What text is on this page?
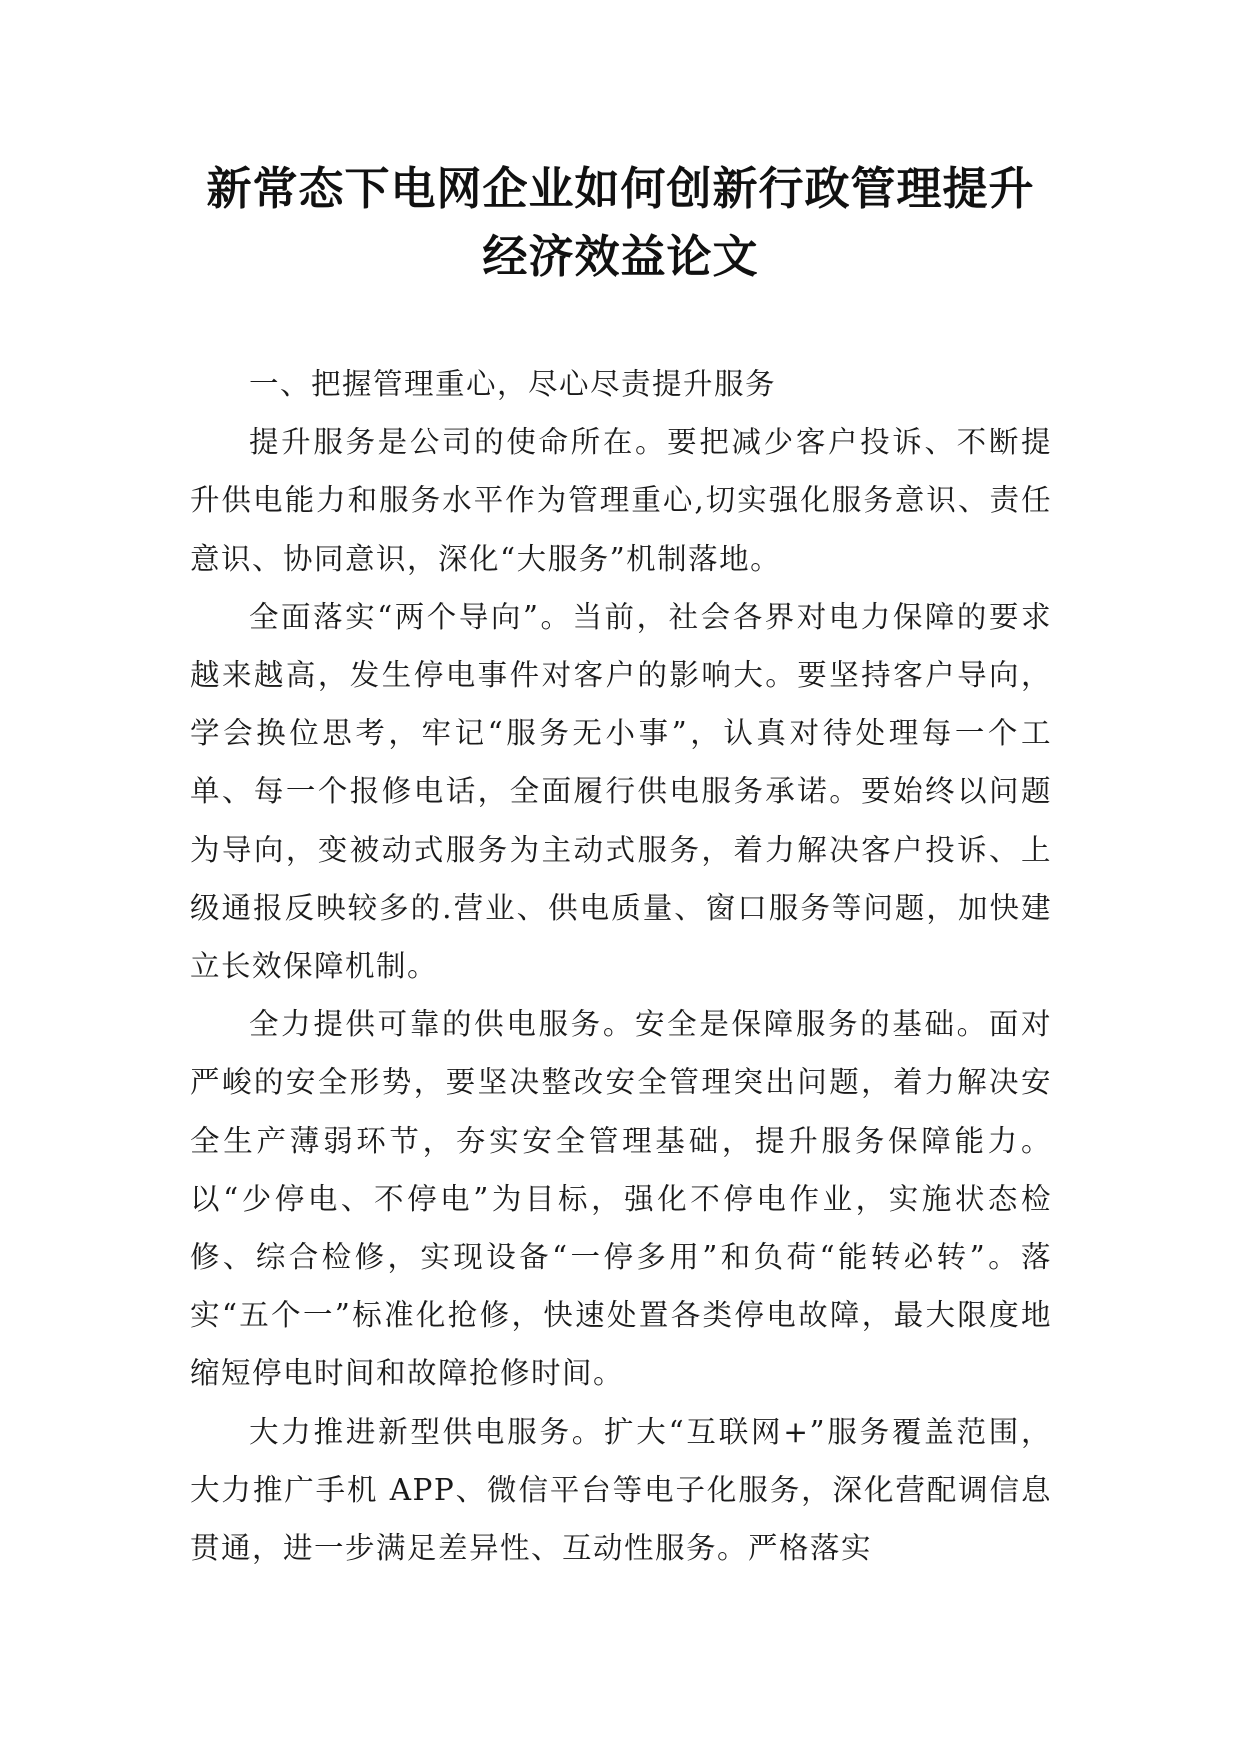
新常态下电网企业如何创新行政管理提升
经济效益论文

一、把握管理重心，尽心尽责提升服务

提升服务是公司的使命所在。要把减少客户投诉、不断提升供电能力和服务水平作为管理重心,切实强化服务意识、责任意识、协同意识，深化“大服务”机制落地。

全面落实“两个导向”。当前，社会各界对电力保障的要求越来越高，发生停电事件对客户的影响大。要坚持客户导向，学会换位思考，牢记“服务无小事”，认真对待处理每一个工单、每一个报修电话，全面履行供电服务承诺。要始终以问题为导向，变被动式服务为主动式服务，着力解决客户投诉、上级通报反映较多的.营业、供电质量、窗口服务等问题，加快建立长效保障机制。

全力提供可靠的供电服务。安全是保障服务的基础。面对严峻的安全形势，要坚决整改安全管理突出问题，着力解决安全生产薄弱环节，夯实安全管理基础，提升服务保障能力。以“少停电、不停电”为目标，强化不停电作业，实施状态检修、综合检修，实现设备“一停多用”和负荷“能转必转”。落实“五个一”标准化抢修，快速处置各类停电故障，最大限度地缩短停电时间和故障抢修时间。

大力推进新型供电服务。扩大“互联网+”服务覆盖范围，大力推广手机 APP、微信平台等电子化服务，深化营配调信息贯通，进一步满足差异性、互动性服务。严格落实
